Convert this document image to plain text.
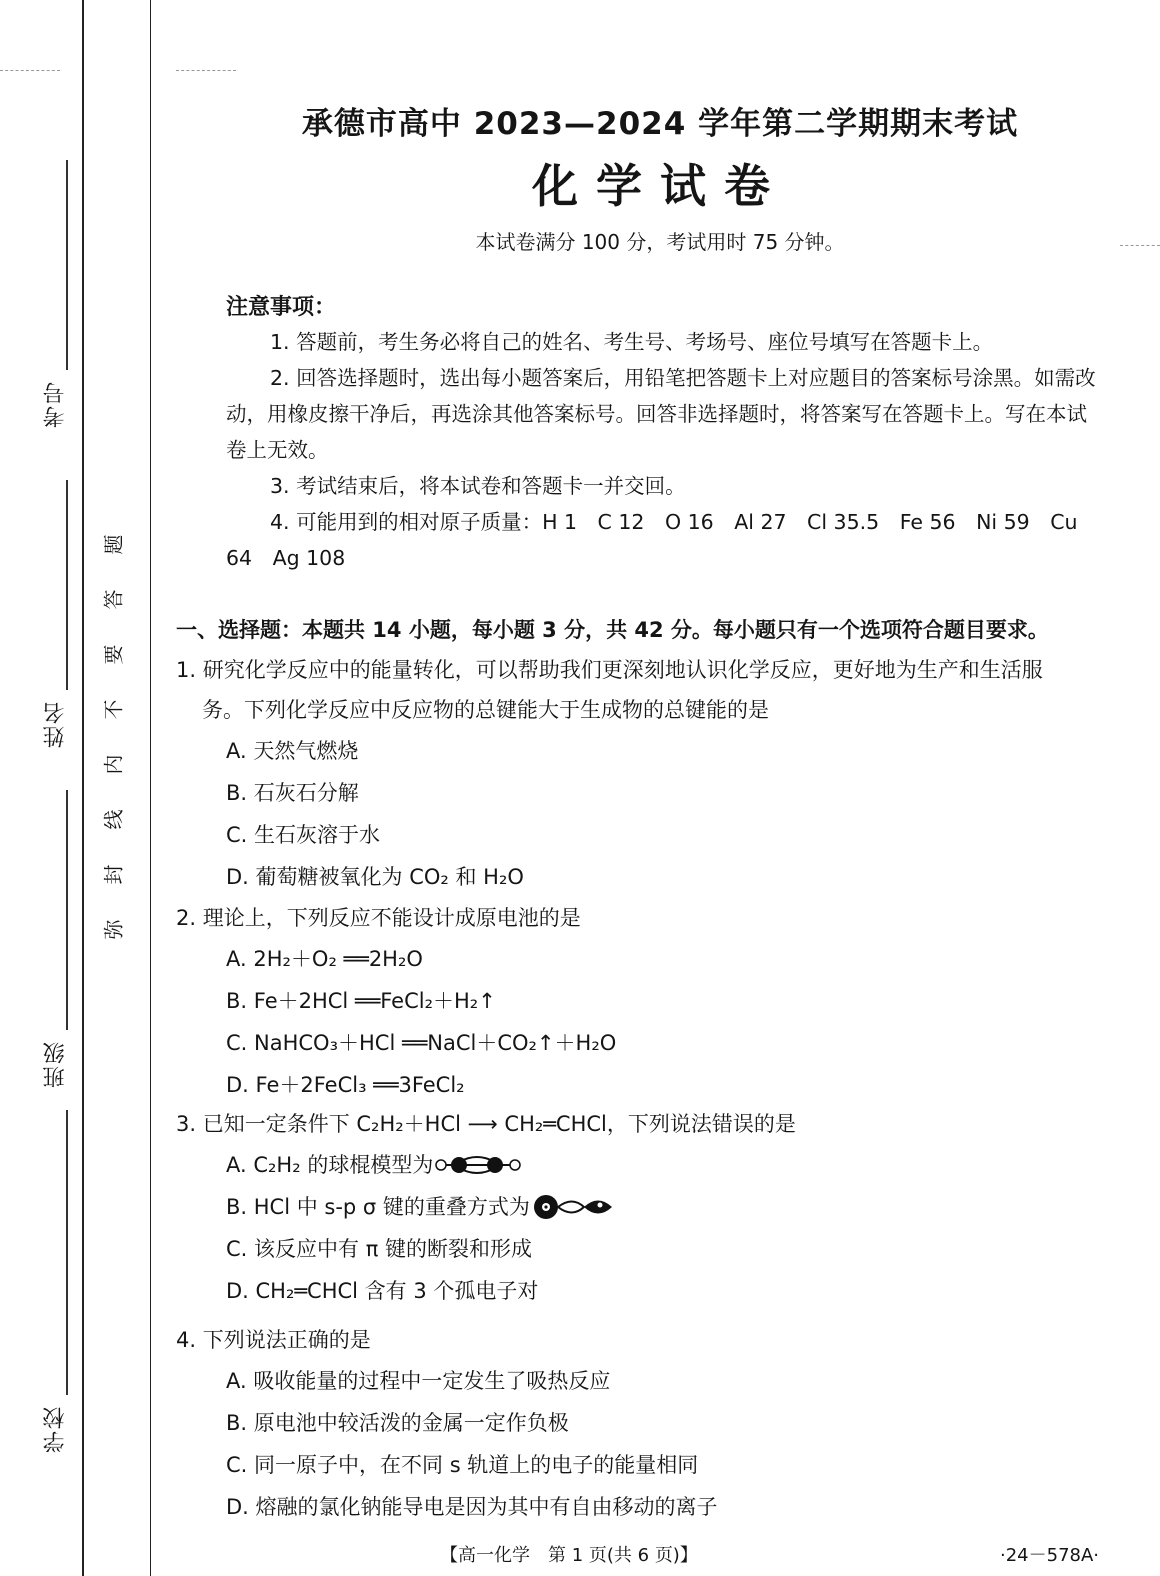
考号
姓名
班级
学校
题
答
要
不
内
线
封
弥
承德市高中 2023—2024 学年第二学期期末考试
化学试卷
本试卷满分 100 分，考试用时 75 分钟。
注意事项：

1. 答题前，考生务必将自己的姓名、考生号、考场号、座位号填写在答题卡上。

2. 回答选择题时，选出每小题答案后，用铅笔把答题卡上对应题目的答案标号涂黑。如需改动，用橡皮擦干净后，再选涂其他答案标号。回答非选择题时，将答案写在答题卡上。写在本试卷上无效。

3. 考试结束后，将本试卷和答题卡一并交回。

4. 可能用到的相对原子质量：H 1　C 12　O 16　Al 27　Cl 35.5　Fe 56　Ni 59　Cu 64　Ag 108

一、选择题：本题共 14 小题，每小题 3 分，共 42 分。每小题只有一个选项符合题目要求。

1. 研究化学反应中的能量转化，可以帮助我们更深刻地认识化学反应，更好地为生产和生活服

务。下列化学反应中反应物的总键能大于生成物的总键能的是

A. 天然气燃烧

B. 石灰石分解

C. 生石灰溶于水

D. 葡萄糖被氧化为 CO₂ 和 H₂O

2. 理论上，下列反应不能设计成原电池的是

A. 2H₂＋O₂ ══2H₂O

B. Fe＋2HCl ══FeCl₂＋H₂↑

C. NaHCO₃＋HCl ══NaCl＋CO₂↑＋H₂O

D. Fe＋2FeCl₃ ══3FeCl₂

3. 已知一定条件下 C₂H₂＋HCl ⟶ CH₂═CHCl，下列说法错误的是

A. C₂H₂ 的球棍模型为

B. HCl 中 s-p σ 键的重叠方式为

C. 该反应中有 π 键的断裂和形成

D. CH₂═CHCl 含有 3 个孤电子对

4. 下列说法正确的是

A. 吸收能量的过程中一定发生了吸热反应

B. 原电池中较活泼的金属一定作负极

C. 同一原子中，在不同 s 轨道上的电子的能量相同

D. 熔融的氯化钠能导电是因为其中有自由移动的离子

【高一化学　第 1 页(共 6 页)】	·24－578A·
